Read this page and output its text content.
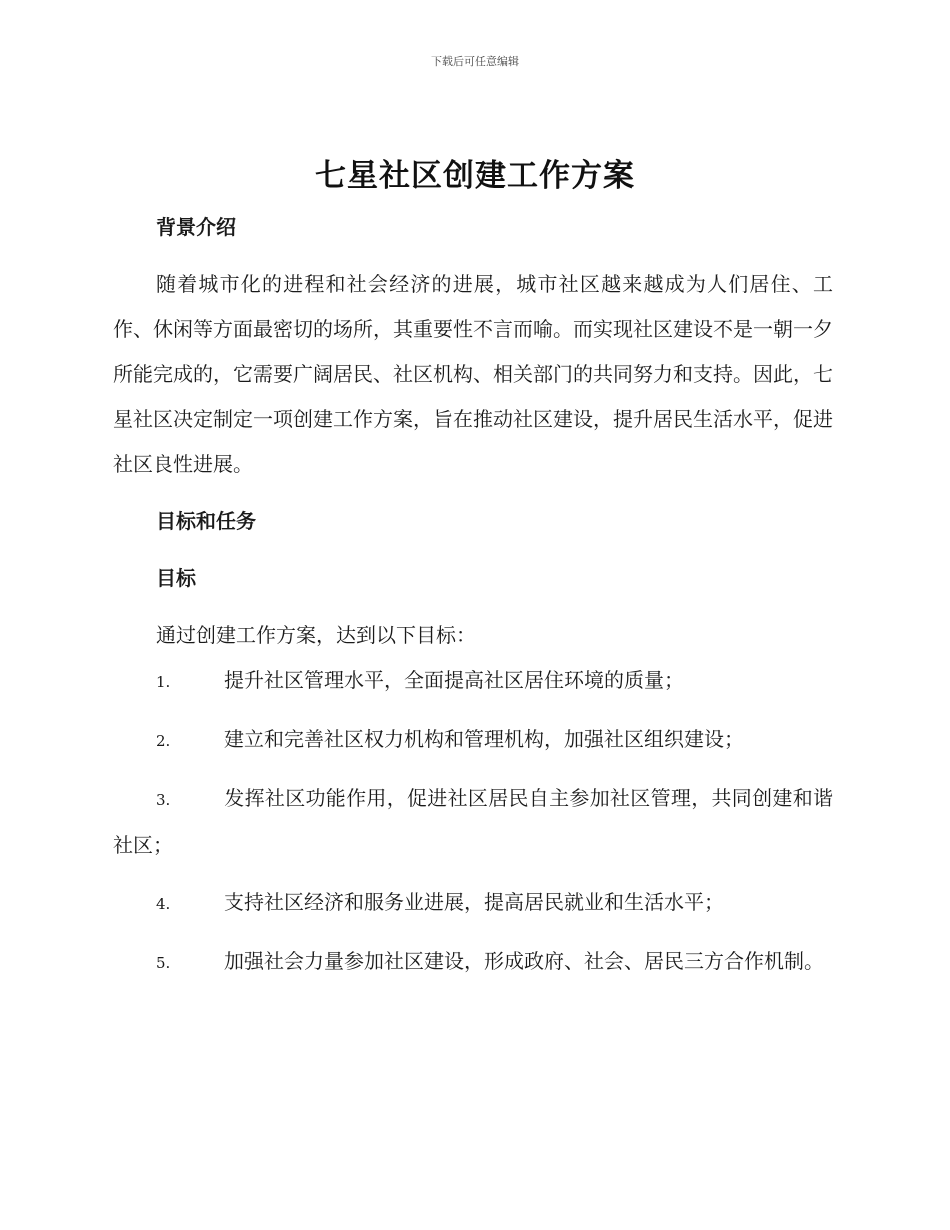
下载后可任意编辑
七星社区创建工作方案

背景介绍

随着城市化的进程和社会经济的进展，城市社区越来越成为人们居住、工作、休闲等方面最密切的场所，其重要性不言而喻。而实现社区建设不是一朝一夕所能完成的，它需要广阔居民、社区机构、相关部门的共同努力和支持。因此，七星社区决定制定一项创建工作方案，旨在推动社区建设，提升居民生活水平，促进社区良性进展。

目标和任务

目标

通过创建工作方案，达到以下目标：

1.	提升社区管理水平，全面提高社区居住环境的质量；

2.	建立和完善社区权力机构和管理机构，加强社区组织建设；

3.	发挥社区功能作用，促进社区居民自主参加社区管理，共同创建和谐社区；

4.	支持社区经济和服务业进展，提高居民就业和生活水平；

5.	加强社会力量参加社区建设，形成政府、社会、居民三方合作机制。
